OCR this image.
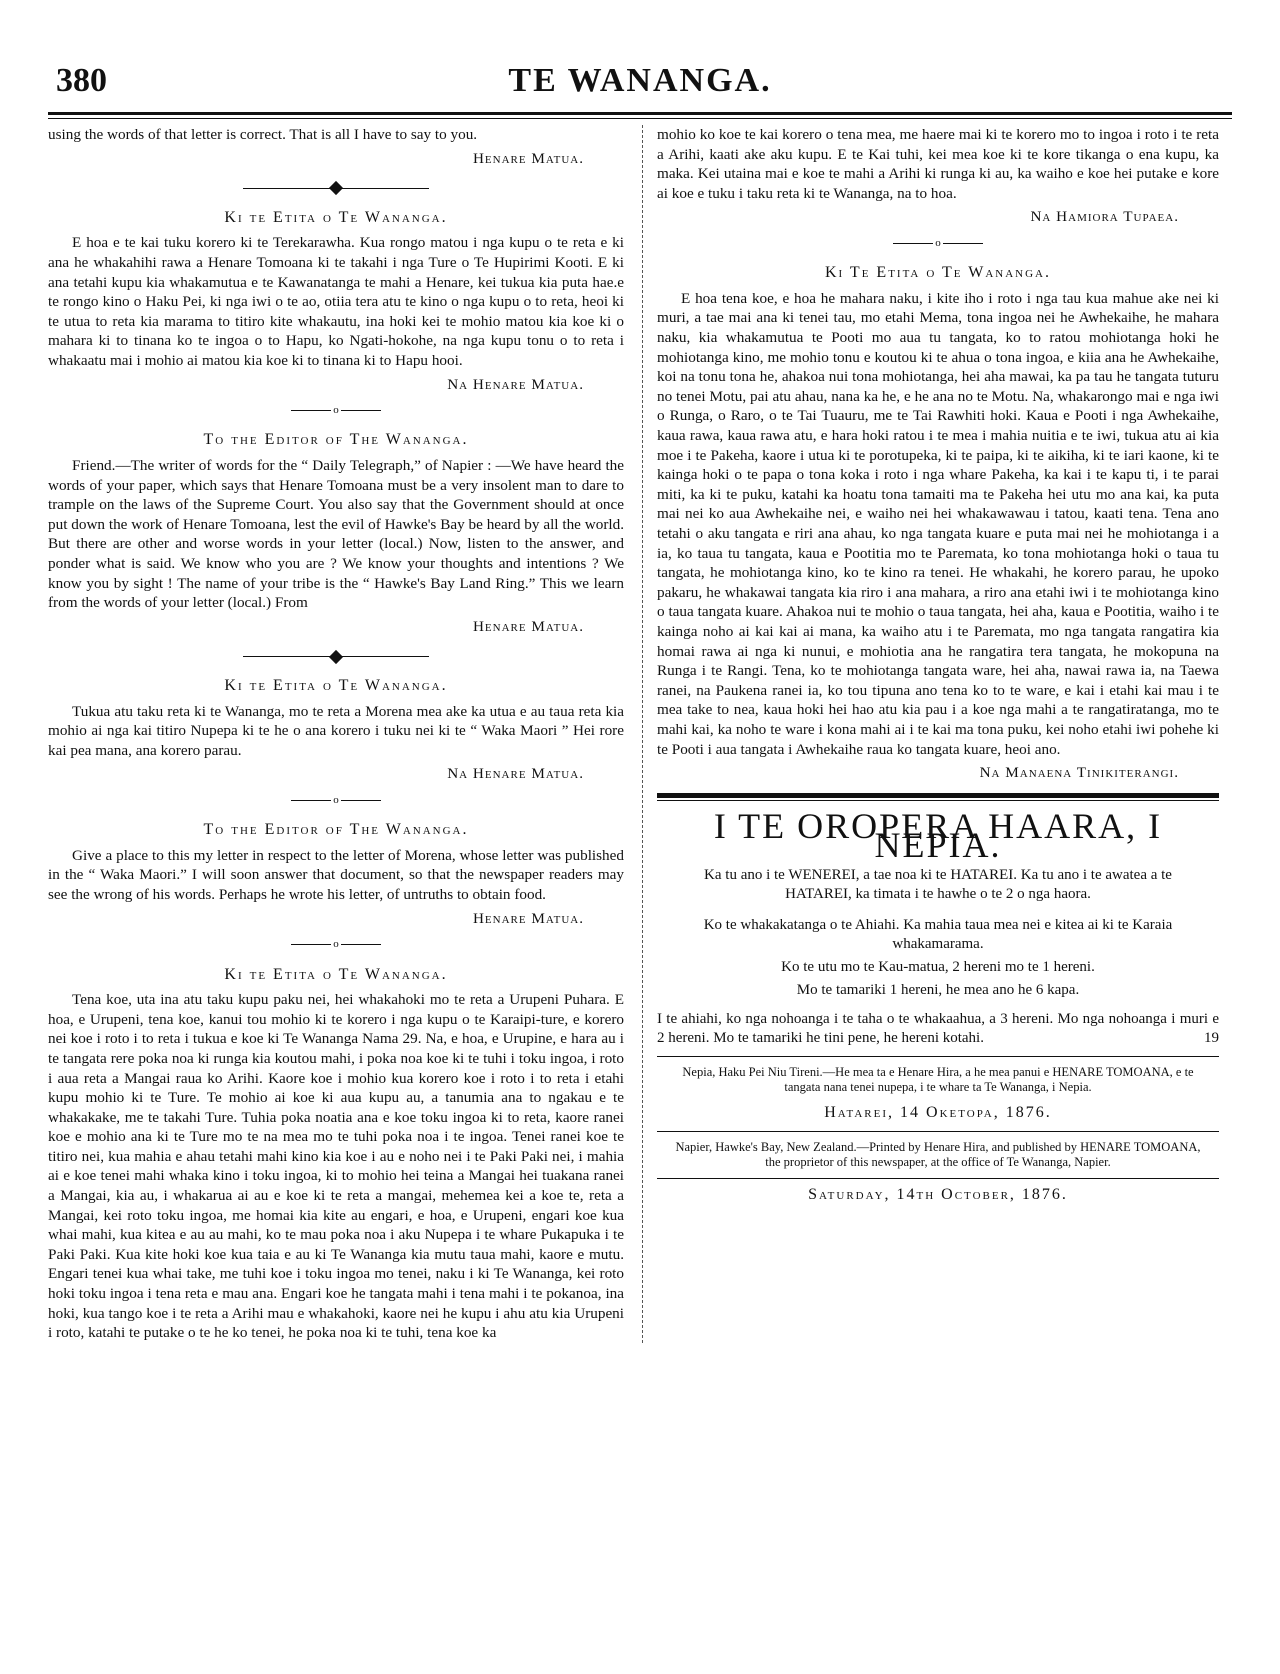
380	TE WANANGA.

using the words of that letter is correct. That is all I have to say to you.

Henare Matua.
Ki te Etita o Te Wananga.

E hoa e te kai tuku korero ki te Terekarawha. Kua rongo matou i nga kupu o te reta e ki ana he whakahihi rawa a Henare Tomoana ki te takahi i nga Ture o Te Hupirimi Kooti. E ki ana tetahi kupu kia whakamutua e te Kawanatanga te mahi a Henare, kei tukua kia puta hae.e te rongo kino o Haku Pei, ki nga iwi o te ao, otiia tera atu te kino o nga kupu o to reta, heoi ki te utua to reta kia marama to titiro kite whakautu, ina hoki kei te mohio matou kia koe ki o mahara ki to tinana ko te ingoa o to Hapu, ko Ngati-hokohe, na nga kupu tonu o to reta i whakaatu mai i mohio ai matou kia koe ki to tinana ki to Hapu hooi.

Na Henare Matua.
o
To the Editor of The Wananga.

Friend.—The writer of words for the “ Daily Telegraph,” of Napier : —We have heard the words of your paper, which says that Henare Tomoana must be a very insolent man to dare to trample on the laws of the Supreme Court. You also say that the Government should at once put down the work of Henare Tomoana, lest the evil of Hawke's Bay be heard by all the world. But there are other and worse words in your letter (local.) Now, listen to the answer, and ponder what is said. We know who you are ? We know your thoughts and intentions ? We know you by sight ! The name of your tribe is the “ Hawke's Bay Land Ring.” This we learn from the words of your letter (local.) From

Henare Matua.
Ki te Etita o Te Wananga.

Tukua atu taku reta ki te Wananga, mo te reta a Morena mea ake ka utua e au taua reta kia mohio ai nga kai titiro Nupepa ki te he o ana korero i tuku nei ki te “ Waka Maori ” Hei rore kai pea mana, ana korero parau.

Na Henare Matua.
o
To the Editor of The Wananga.

Give a place to this my letter in respect to the letter of Morena, whose letter was published in the “ Waka Maori.” I will soon answer that document, so that the newspaper readers may see the wrong of his words. Perhaps he wrote his letter, of untruths to obtain food.

Henare Matua.
o
Ki te Etita o Te Wananga.

Tena koe, uta ina atu taku kupu paku nei, hei whakahoki mo te reta a Urupeni Puhara. E hoa, e Urupeni, tena koe, kanui tou mohio ki te korero i nga kupu o te Karaipi-ture, e korero nei koe i roto i to reta i tukua e koe ki Te Wananga Nama 29. Na, e hoa, e Urupine, e hara au i te tangata rere poka noa ki runga kia koutou mahi, i poka noa koe ki te tuhi i toku ingoa, i roto i aua reta a Mangai raua ko Arihi. Kaore koe i mohio kua korero koe i roto i to reta i etahi kupu mohio ki te Ture. Te mohio ai koe ki aua kupu au, a tanumia ana to ngakau e te whakakake, me te takahi Ture. Tuhia poka noatia ana e koe toku ingoa ki to reta, kaore ranei koe e mohio ana ki te Ture mo te na mea mo te tuhi poka noa i te ingoa. Tenei ranei koe te titiro nei, kua mahia e ahau tetahi mahi kino kia koe i au e noho nei i te Paki Paki nei, i mahia ai e koe tenei mahi whaka kino i toku ingoa, ki to mohio hei teina a Mangai hei tuakana ranei a Mangai, kia au, i whakarua ai au e koe ki te reta a mangai, mehemea kei a koe te, reta a Mangai, kei roto toku ingoa, me homai kia kite au engari, e hoa, e Urupeni, engari koe kua whai mahi, kua kitea e au au mahi, ko te mau poka noa i aku Nupepa i te whare Pukapuka i te Paki Paki. Kua kite hoki koe kua taia e au ki Te Wananga kia mutu taua mahi, kaore e mutu. Engari tenei kua whai take, me tuhi koe i toku ingoa mo tenei, naku i ki Te Wananga, kei roto hoki toku ingoa i tena reta e mau ana. Engari koe he tangata mahi i tena mahi i te pokanoa, ina hoki, kua tango koe i te reta a Arihi mau e whakahoki, kaore nei he kupu i ahu atu kia Urupeni i roto, katahi te putake o te he ko tenei, he poka noa ki te tuhi, tena koe ka

mohio ko koe te kai korero o tena mea, me haere mai ki te korero mo to ingoa i roto i te reta a Arihi, kaati ake aku kupu. E te Kai tuhi, kei mea koe ki te kore tikanga o ena kupu, ka maka. Kei utaina mai e koe te mahi a Arihi ki runga ki au, ka waiho e koe hei putake e kore ai koe e tuku i taku reta ki te Wananga, na to hoa.

Na Hamiora Tupaea.
o
Ki Te Etita o Te Wananga.

E hoa tena koe, e hoa he mahara naku, i kite iho i roto i nga tau kua mahue ake nei ki muri, a tae mai ana ki tenei tau, mo etahi Mema, tona ingoa nei he Awhekaihe, he mahara naku, kia whakamutua te Pooti mo aua tu tangata, ko to ratou mohiotanga hoki he mohiotanga kino, me mohio tonu e koutou ki te ahua o tona ingoa, e kiia ana he Awhekaihe, koi na tonu tona he, ahakoa nui tona mohiotanga, hei aha mawai, ka pa tau he tangata tuturu no tenei Motu, pai atu ahau, nana ka he, e he ana no te Motu. Na, whakarongo mai e nga iwi o Runga, o Raro, o te Tai Tuauru, me te Tai Rawhiti hoki. Kaua e Pooti i nga Awhekaihe, kaua rawa, kaua rawa atu, e hara hoki ratou i te mea i mahia nuitia e te iwi, tukua atu ai kia moe i te Pakeha, kaore i utua ki te porotupeka, ki te paipa, ki te aikiha, ki te iari kaone, ki te kainga hoki o te papa o tona koka i roto i nga whare Pakeha, ka kai i te kapu ti, i te parai miti, ka ki te puku, katahi ka hoatu tona tamaiti ma te Pakeha hei utu mo ana kai, ka puta mai nei ko aua Awhekaihe nei, e waiho nei hei whakawawau i tatou, kaati tena. Tena ano tetahi o aku tangata e riri ana ahau, ko nga tangata kuare e puta mai nei he mohiotanga i a ia, ko taua tu tangata, kaua e Pootitia mo te Paremata, ko tona mohiotanga hoki o taua tu tangata, he mohiotanga kino, ko te kino ra tenei. He whakahi, he korero parau, he upoko pakaru, he whakawai tangata kia riro i ana mahara, a riro ana etahi iwi i te mohiotanga kino o taua tangata kuare. Ahakoa nui te mohio o taua tangata, hei aha, kaua e Pootitia, waiho i te kainga noho ai kai kai ai mana, ka waiho atu i te Paremata, mo nga tangata rangatira kia homai rawa ai nga ki nunui, e mohiotia ana he rangatira tera tangata, he mokopuna na Runga i te Rangi. Tena, ko te mohiotanga tangata ware, hei aha, nawai rawa ia, na Taewa ranei, na Paukena ranei ia, ko tou tipuna ano tena ko to te ware, e kai i etahi kai mau i te mea take to nea, kaua hoki hei hao atu kia pau i a koe nga mahi a te rangatiratanga, mo te mahi kai, ka noho te ware i kona mahi ai i te kai ma tona puku, kei noho etahi iwi pohehe ki te Pooti i aua tangata i Awhekaihe raua ko tangata kuare, heoi ano.

Na Manaena Tinikiterangi.
I TE OROPERA HAARA, I NEPIA.
Ka tu ano i te WENEREI, a tae noa ki te HATAREI. Ka tu ano i te awatea a te HATAREI, ka timata i te hawhe o te 2 o nga haora.
Ko te whakakatanga o te Ahiahi. Ka mahia taua mea nei e kitea ai ki te Karaia whakamarama.
Ko te utu mo te Kau-matua, 2 hereni mo te 1 hereni.
Mo te tamariki 1 hereni, he mea ano he 6 kapa.
I te ahiahi, ko nga nohoanga i te taha o te whakaahua, a 3 hereni. Mo nga nohoanga i muri e 2 hereni. Mo te tamariki he tini pene, he hereni kotahi.	19
Nepia, Haku Pei Niu Tireni.—He mea ta e Henare Hira, a he mea panui e HENARE TOMOANA, e te tangata nana tenei nupepa, i te whare ta Te Wananga, i Nepia.
Hatarei, 14 Oketopa, 1876.
Napier, Hawke's Bay, New Zealand.—Printed by Henare Hira, and published by HENARE TOMOANA, the proprietor of this newspaper, at the office of Te Wananga, Napier.
Saturday, 14th October, 1876.
